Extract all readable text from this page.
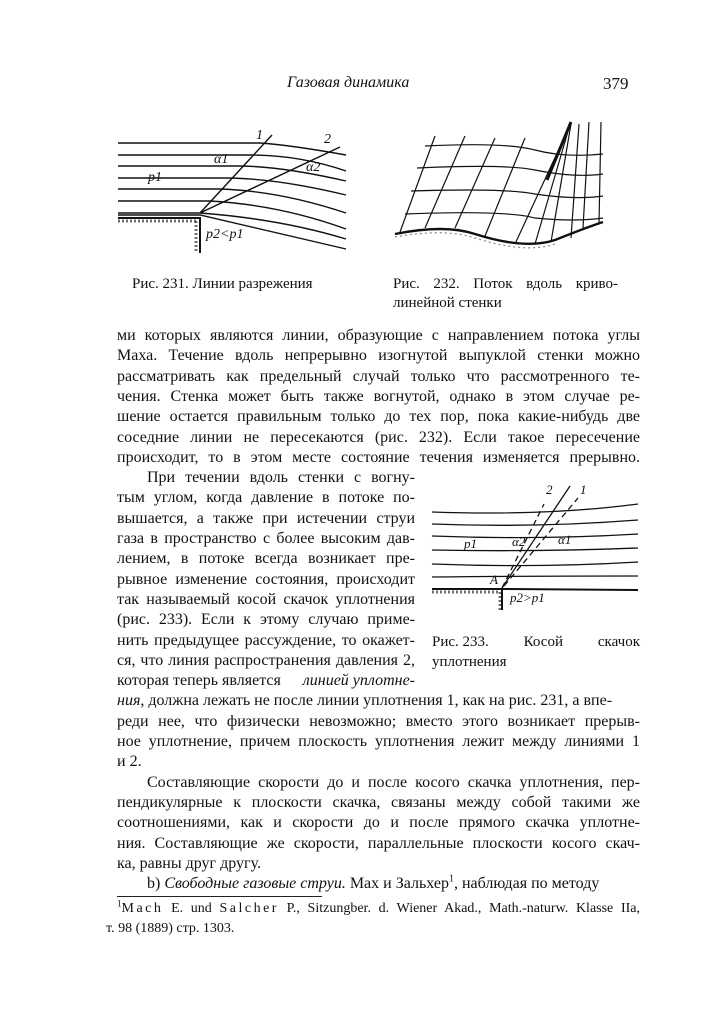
Газовая динамика	379
1	2
α1
α2
p1
p2<p1
Рис. 231. Линии разрежения	Рис. 232. Поток вдоль криво-
линейной стенки
ми которых являются линии, образующие с направлением потока углы
Маха. Течение вдоль непрерывно изогнутой выпуклой стенки можно
рассматривать как предельный случай только что рассмотренного те-
чения. Стенка может быть также вогнутой, однако в этом случае ре-
шение остается правильным только до тех пор, пока какие-нибудь две
соседние линии не пересекаются (рис. 232). Если такое пересечение
происходит, то в этом месте состояние течения изменяется прерывно.
При течении вдоль стенки с вогну-
тым углом, когда давление в потоке по-
вышается, а также при истечении струи
газа в пространство с более высоким дав-
лением, в потоке всегда возникает пре-
рывное изменение состояния, происходит
так называемый косой скачок уплотнения
(рис. 233). Если к этому случаю приме-
нить предыдущее рассуждение, то окажет-
ся, что линия распространения давления 2,
которая теперь является линией уплотне-
ния, должна лежать не после линии уплотнения 1, как на рис. 231, а впе-
реди нее, что физически невозможно; вместо этого возникает прерыв-
ное уплотнение, причем плоскость уплотнения лежит между линиями 1
и 2.
Составляющие скорости до и после косого скачка уплотнения, пер-
пендикулярные к плоскости скачка, связаны между собой такими же
соотношениями, как и скорости до и после прямого скачка уплотне-
ния. Составляющие же скорости, параллельные плоскости косого скач-
ка, равны друг другу.
b) Свободные газовые струи. Мах и Зальхер$^1$, наблюдая по методу
2 1
p1	α2	α1
A
p2>p1
Рис. 233. Косой скачок
уплотнения
$^1$Mach E. und Salcher P., Sitzungber. d. Wiener Akad., Math.-naturw. Klasse IIa,
т. 98 (1889) стр. 1303.
